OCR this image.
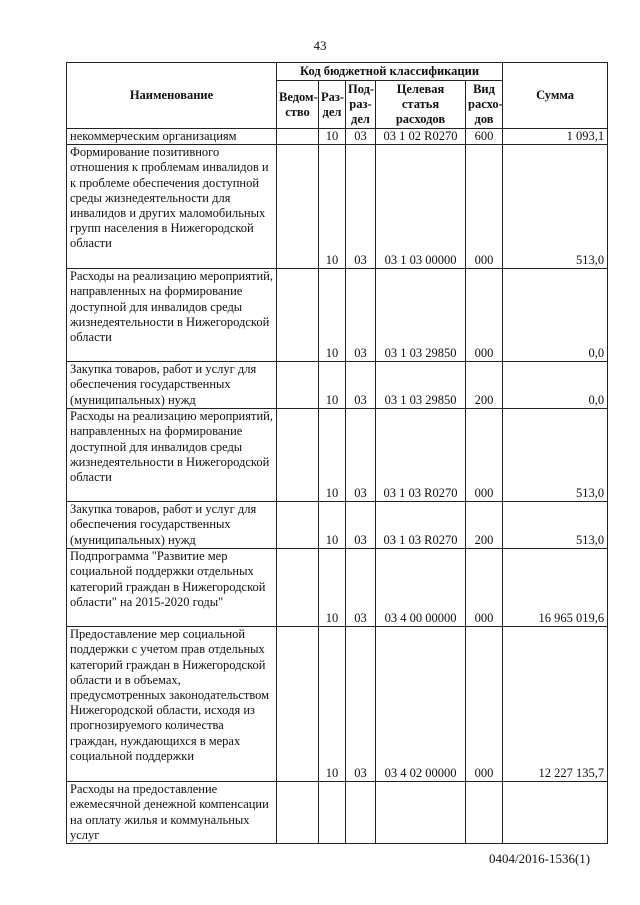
43
Наименование	Код бюджетной классификации					Сумма
	Ведом-ство	Раз-дел	Под-раз-дел	Целевая статья расходов	Вид расхо-дов	
некоммерческим организациям		10	03	03 1 02 R0270	600	1 093,1
Формирование позитивного отношения к проблемам инвалидов и к проблеме обеспечения доступной среды жизнедеятельности для инвалидов и других маломобильных групп населения в Нижегородской области		10	03	03 1 03 00000	000	513,0
Расходы на реализацию мероприятий, направленных на формирование доступной для инвалидов среды жизнедеятельности в Нижегородской области		10	03	03 1 03 29850	000	0,0
Закупка товаров, работ и услуг для обеспечения государственных (муниципальных) нужд		10	03	03 1 03 29850	200	0,0
Расходы на реализацию мероприятий, направленных на формирование доступной для инвалидов среды жизнедеятельности в Нижегородской области		10	03	03 1 03 R0270	000	513,0
Закупка товаров, работ и услуг для обеспечения государственных (муниципальных) нужд		10	03	03 1 03 R0270	200	513,0
Подпрограмма "Развитие мер социальной поддержки отдельных категорий граждан в Нижегородской области" на 2015-2020 годы"		10	03	03 4 00 00000	000	16 965 019,6
Предоставление мер социальной поддержки с учетом прав отдельных категорий граждан в Нижегородской области и в объемах, предусмотренных законодательством Нижегородской области, исходя из прогнозируемого количества граждан, нуждающихся в мерах социальной поддержки		10	03	03 4 02 00000	000	12 227 135,7
Расходы на предоставление ежемесячной денежной компенсации на оплату жилья и коммунальных услуг						
0404/2016-1536(1)
